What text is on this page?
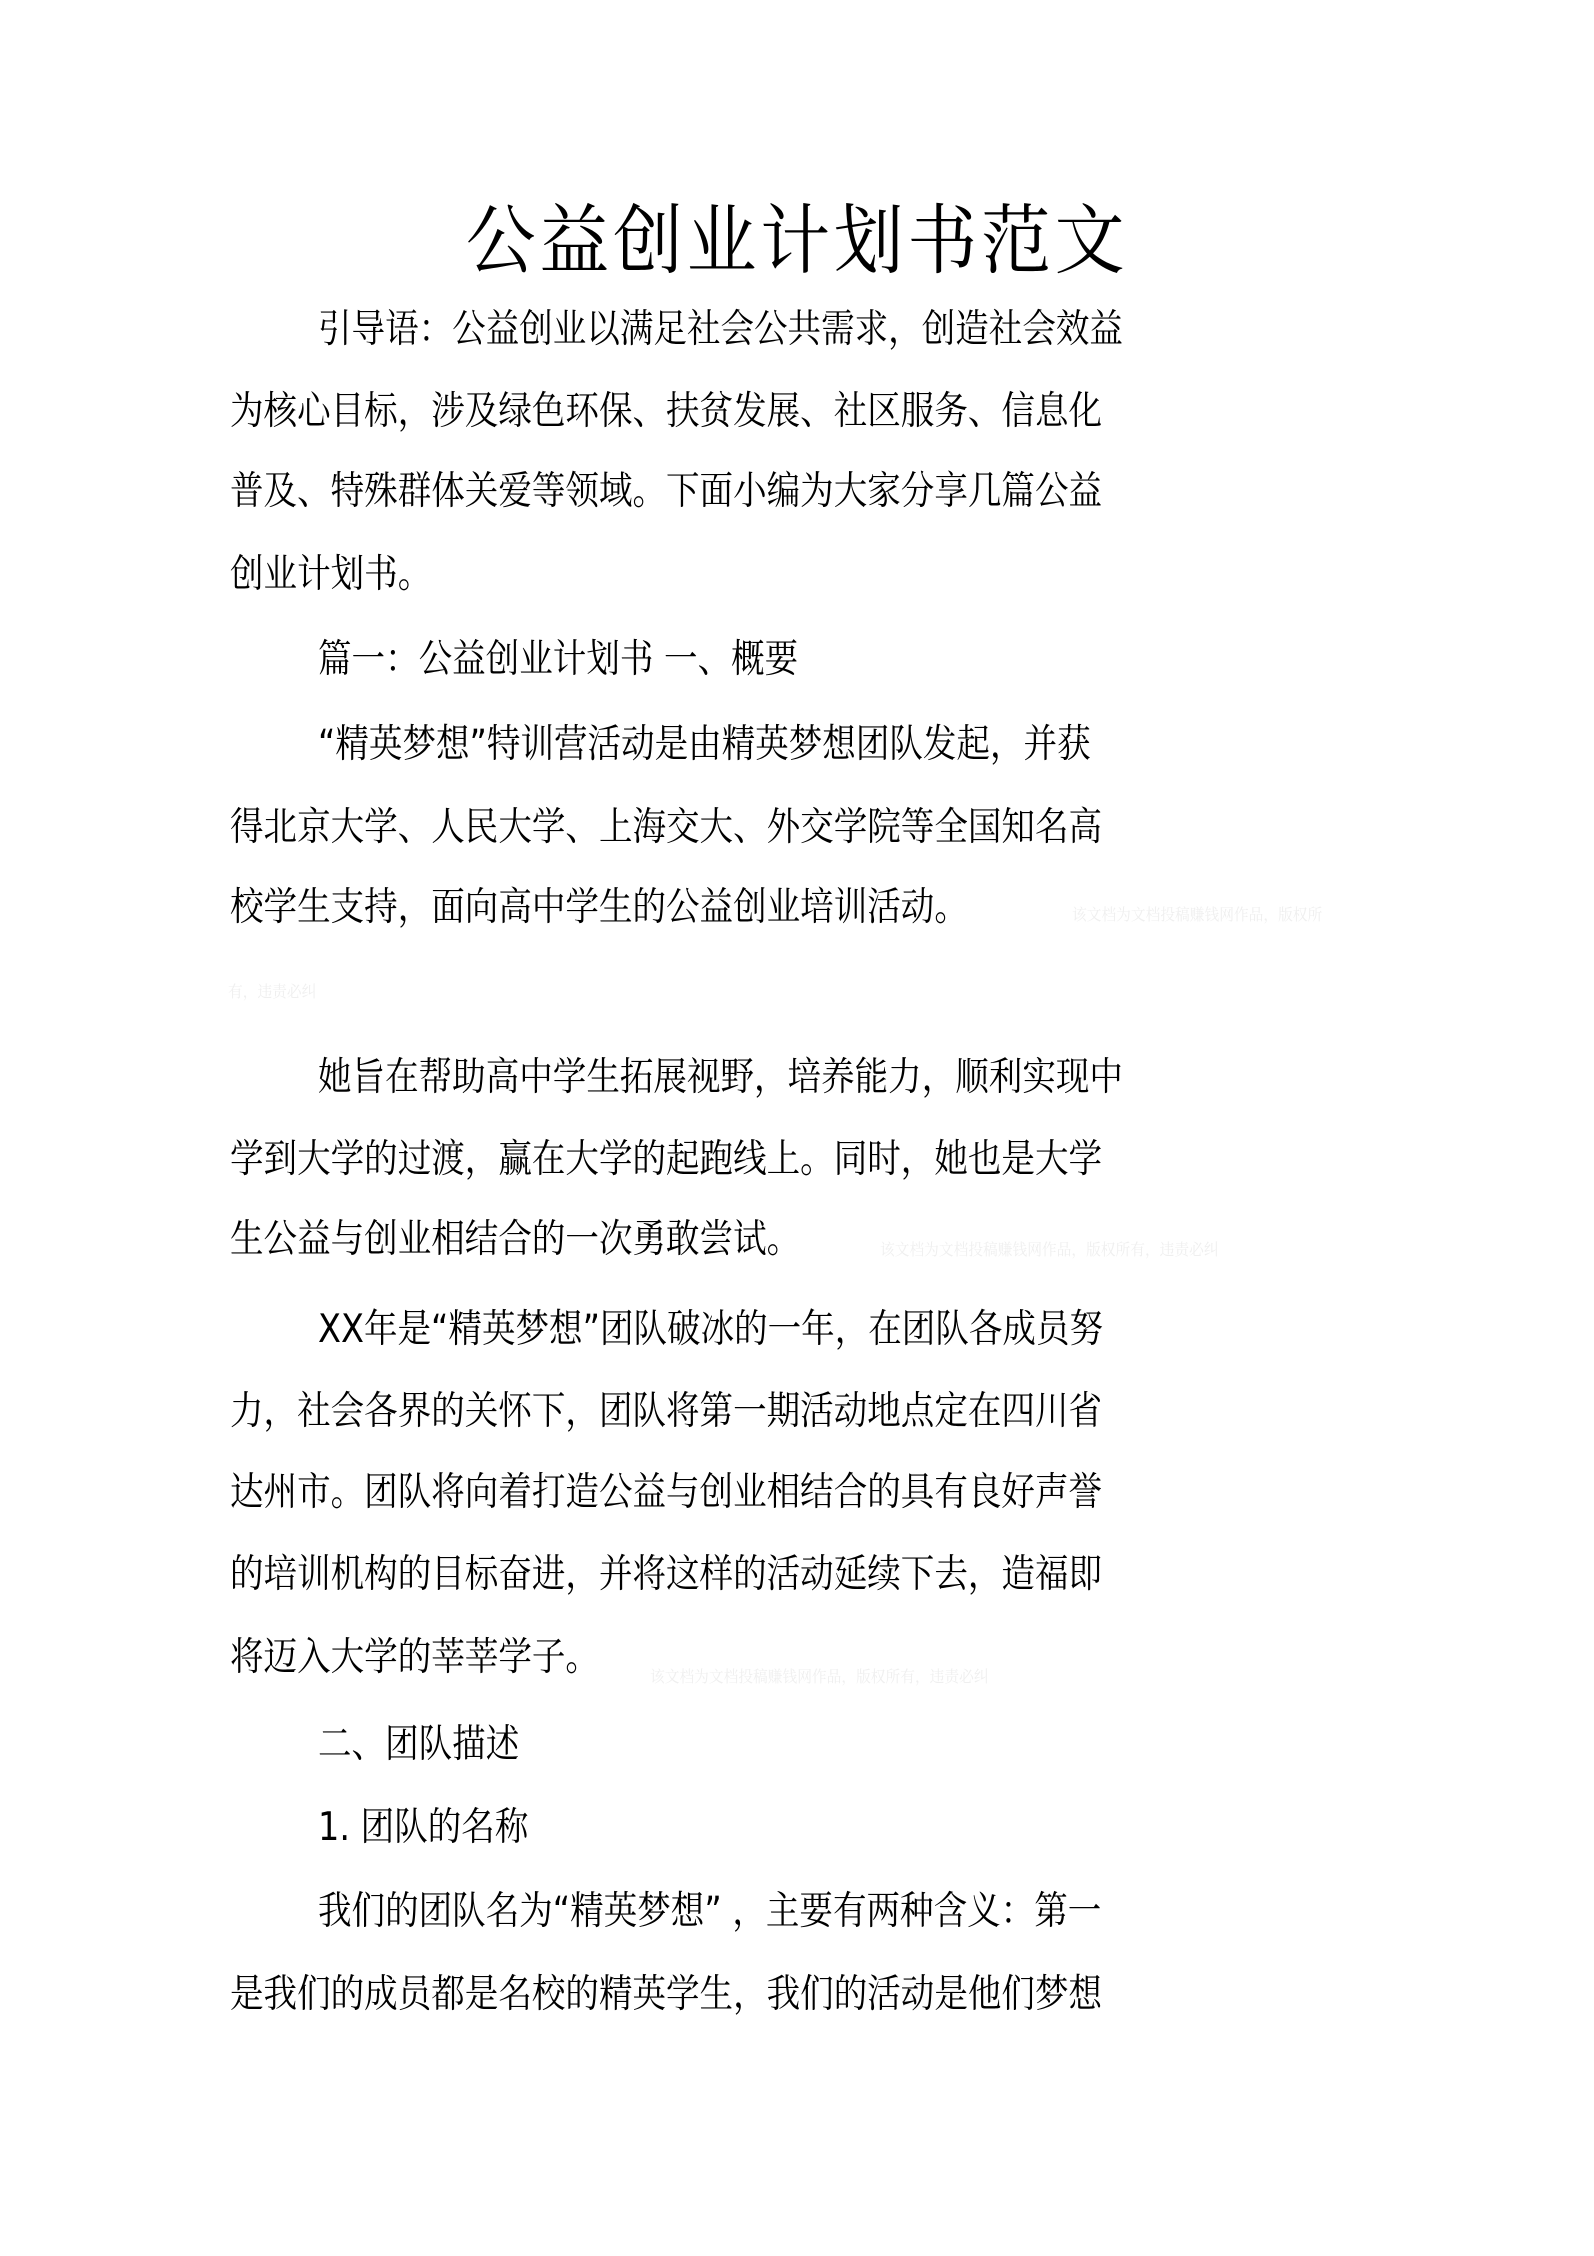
公益创业计划书范文
引导语：公益创业以满足社会公共需求，创造社会效益
为核心目标，涉及绿色环保、扶贫发展、社区服务、信息化
普及、特殊群体关爱等领域。下面小编为大家分享几篇公益
创业计划书。
篇一：公益创业计划书 一、概要
“精英梦想”特训营活动是由精英梦想团队发起，并获
得北京大学、人民大学、上海交大、外交学院等全国知名高
校学生支持，面向高中学生的公益创业培训活动。	该文档为文档投稿赚钱网作品，版权所
有，违责必纠
她旨在帮助高中学生拓展视野，培养能力，顺利实现中
学到大学的过渡，赢在大学的起跑线上。同时，她也是大学
生公益与创业相结合的一次勇敢尝试。	该文档为文档投稿赚钱网作品，版权所有，违责必纠
XX年是“精英梦想”团队破冰的一年，在团队各成员努
力，社会各界的关怀下，团队将第一期活动地点定在四川省
达州市。团队将向着打造公益与创业相结合的具有良好声誉
的培训机构的目标奋进，并将这样的活动延续下去，造福即
将迈入大学的莘莘学子。	该文档为文档投稿赚钱网作品，版权所有，违责必纠
二、团队描述
1. 团队的名称
我们的团队名为“精英梦想” ，主要有两种含义：第一
是我们的成员都是名校的精英学生，我们的活动是他们梦想
